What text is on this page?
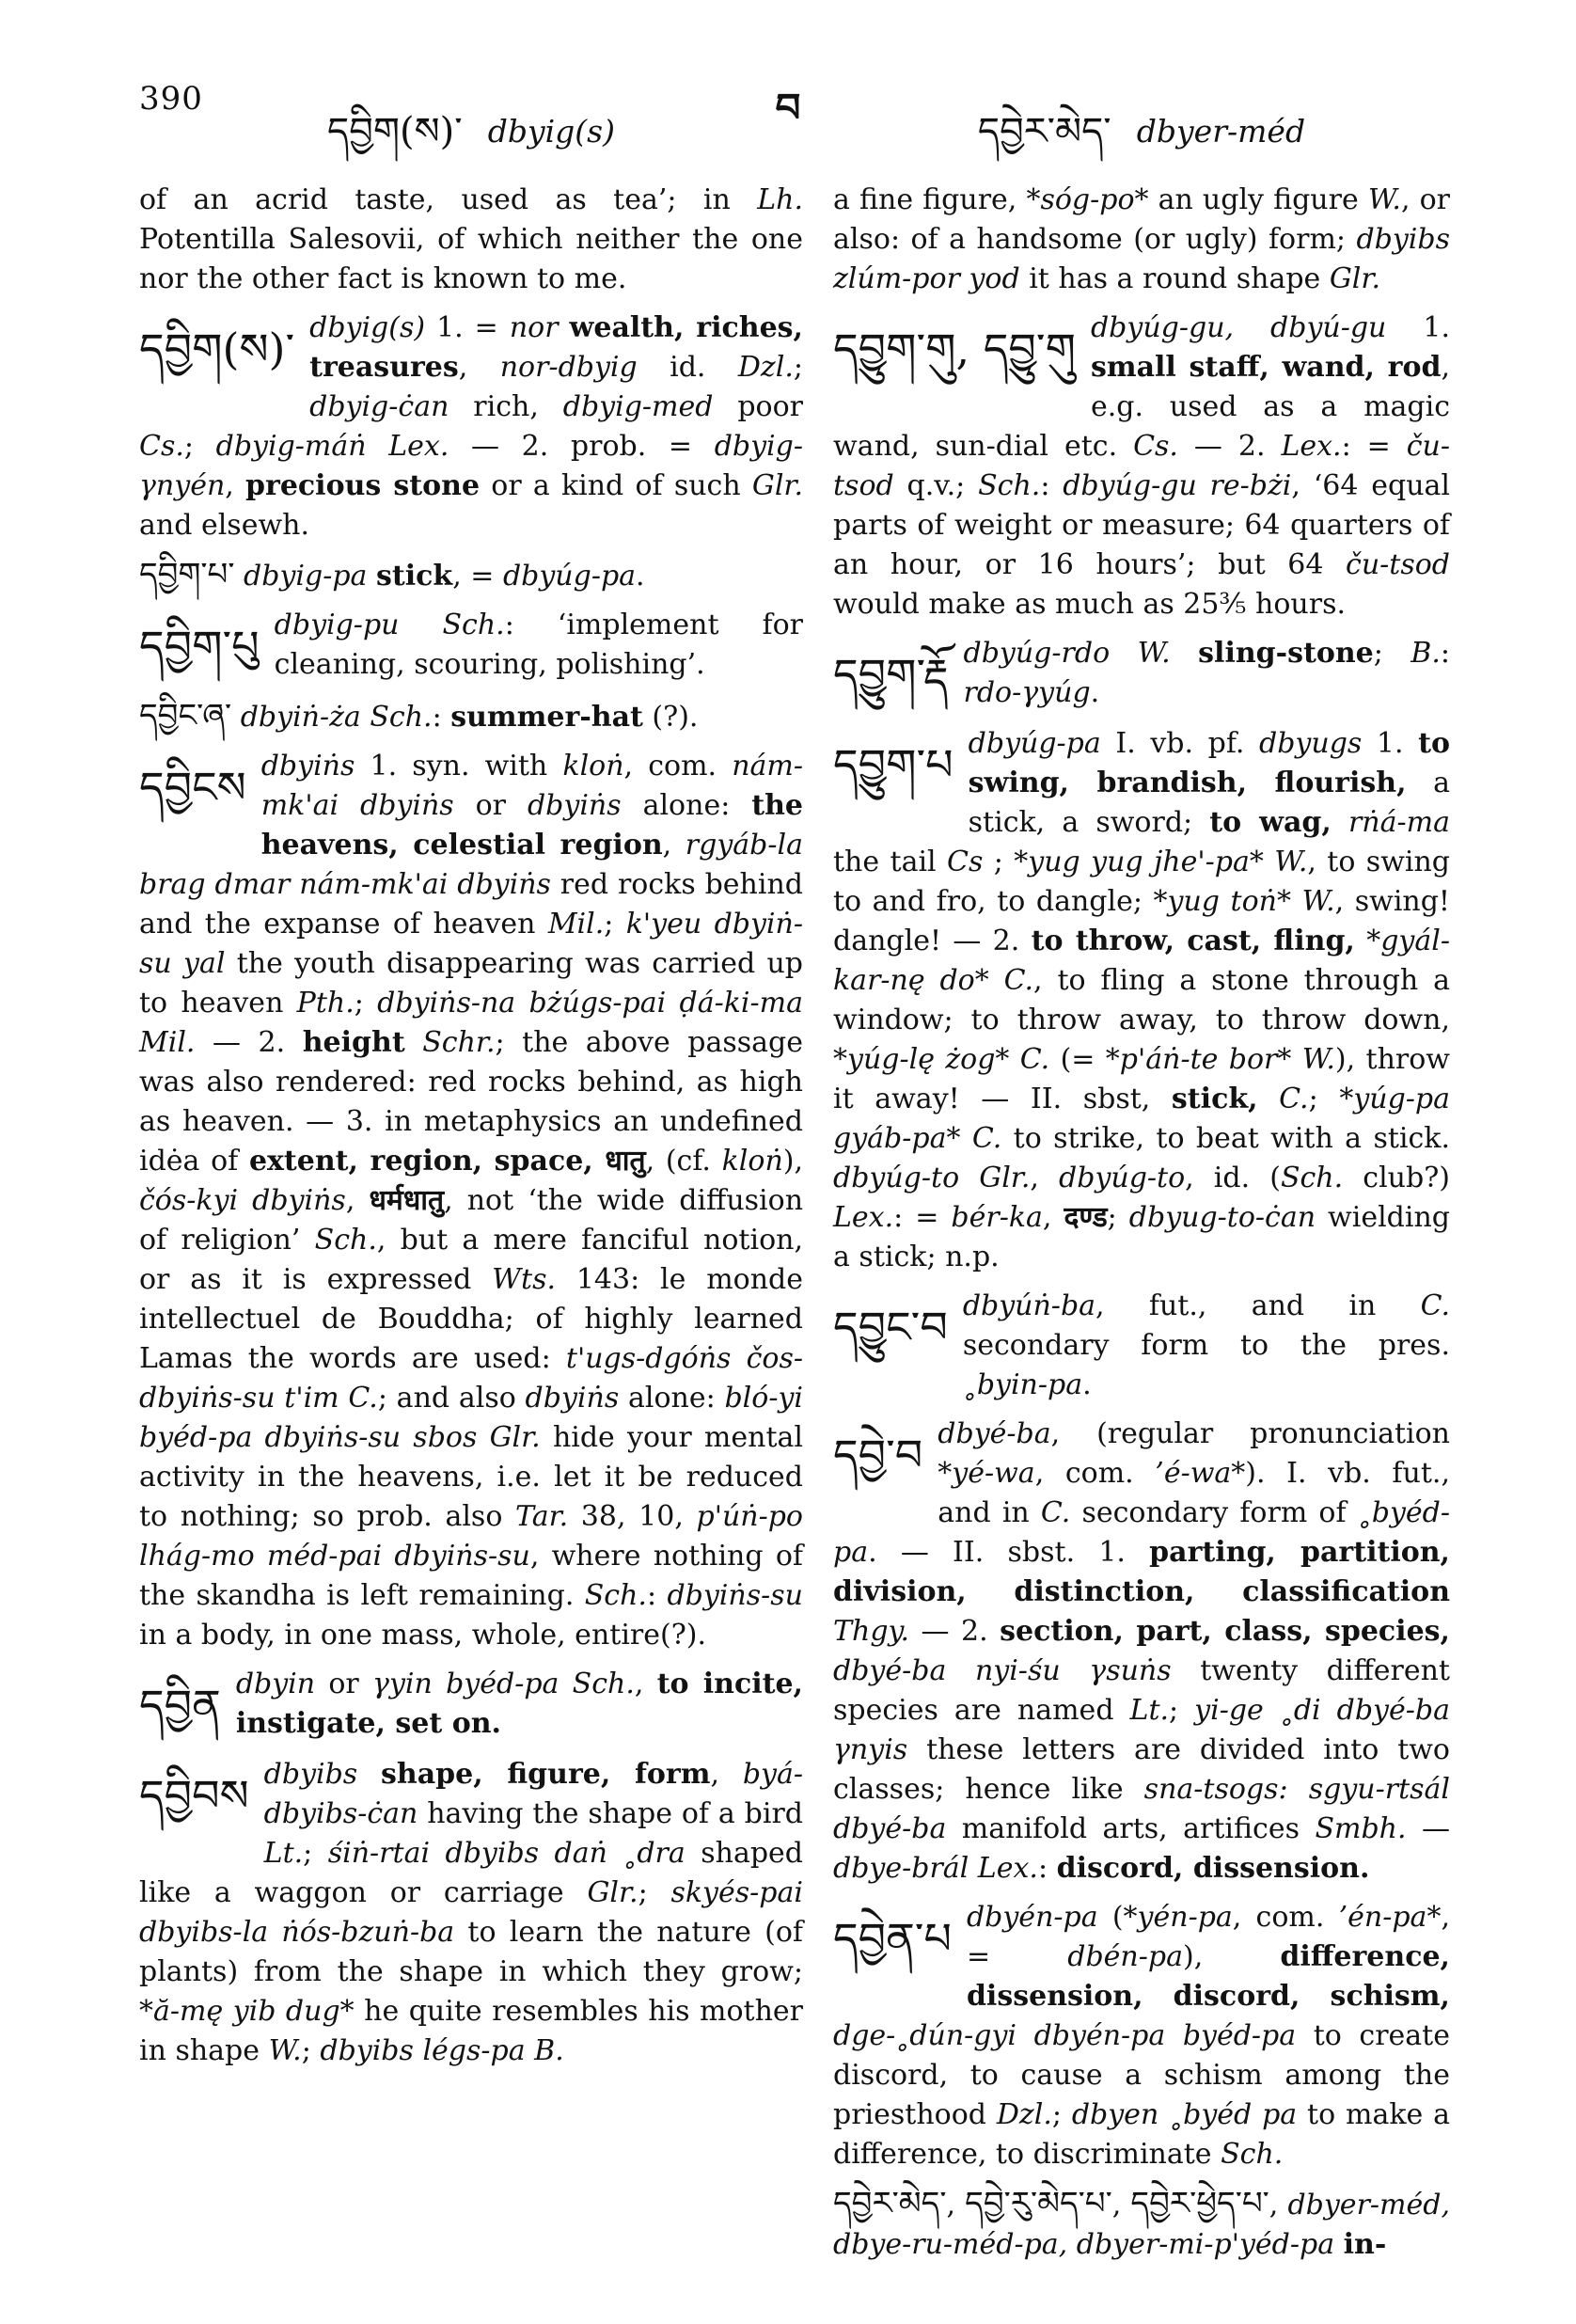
390	བ
དབྱིག(ས)་ dbyig(s)	དབྱེར་མེད་ dbyer-méd

of an acrid taste, used as tea’; in Lh. Potentilla Salesovii, of which neither the one nor the other fact is known to me.

དབྱིག(ས)་ dbyig(s) 1. = nor wealth, riches, treasures, nor-dbyig id. Dzl.; dbyig-ċan rich, dbyig-med poor Cs.; dbyig-máṅ Lex. — 2. prob. = dbyig-γnyén, precious stone or a kind of such Glr. and elsewh.

དབྱིག་པ་ dbyig-pa stick, = dbyúg-pa.

དབྱིག་པུ dbyig-pu Sch.: ‘implement for cleaning, scouring, polishing’.

དབྱིང་ཞ་ dbyiṅ-ża Sch.: summer-hat (?).

དབྱིངས dbyiṅs 1. syn. with kloṅ, com. nám-mk'ai dbyiṅs or dbyiṅs alone: the heavens, celestial region, rgyáb-la brag dmar nám-mk'ai dbyiṅs red rocks behind and the expanse of heaven Mil.; k'yeu dbyiṅ-su yal the youth disappearing was carried up to heaven Pth.; dbyiṅs-na bżúgs-pai ḍá-ki-ma Mil. — 2. height Schr.; the above passage was also rendered: red rocks behind, as high as heaven. — 3. in metaphysics an undefined idėa of extent, region, space, धातु, (cf. kloṅ), čós-kyi dbyiṅs, धर्मधातु, not ‘the wide diffusion of religion’ Sch., but a mere fanciful notion, or as it is expressed Wts. 143: le monde intellectuel de Bouddha; of highly learned Lamas the words are used: t'ugs-dgóṅs čos-dbyiṅs-su t'im C.; and also dbyiṅs alone: bló-yi byéd-pa dbyiṅs-su sbos Glr. hide your mental activity in the heavens, i.e. let it be reduced to nothing; so prob. also Tar. 38, 10, p'úṅ-po lhág-mo méd-pai dbyiṅs-su, where nothing of the skandha is left remaining. Sch.: dbyiṅs-su in a body, in one mass, whole, entire(?).

དབྱིན dbyin or γyin byéd-pa Sch., to incite, instigate, set on.

དབྱིབས dbyibs shape, figure, form, byá-dbyibs-ċan having the shape of a bird Lt.; śiṅ-rtai dbyibs daṅ ˳dra shaped like a waggon or carriage Glr.; skyés-pai dbyibs-la ṅós-bzuṅ-ba to learn the nature (of plants) from the shape in which they grow; *ă-mę yib dug* he quite resembles his mother in shape W.; dbyibs légs-pa B.

a fine figure, *sóg-po* an ugly figure W., or also: of a handsome (or ugly) form; dbyibs zlúm-por yod it has a round shape Glr.

དབྱུག་གུ, དབྱུ་གུ dbyúg-gu, dbyú-gu 1. small staff, wand, rod, e.g. used as a magic wand, sun-dial etc. Cs. — 2. Lex.: = ču-tsod q.v.; Sch.: dbyúg-gu re-bżi, ‘64 equal parts of weight or measure; 64 quarters of an hour, or 16 hours’; but 64 ču-tsod would make as much as 25⅗ hours.

དབྱུག་རྡོ dbyúg-rdo W. sling-stone; B.: rdo-γyúg.

དབྱུག་པ dbyúg-pa I. vb. pf. dbyugs 1. to swing, brandish, flourish, a stick, a sword; to wag, rṅá-ma the tail Cs ; *yug yug jhe'-pa* W., to swing to and fro, to dangle; *yug toṅ* W., swing! dangle! — 2. to throw, cast, fling, *gyál-kar-nę do* C., to fling a stone through a window; to throw away, to throw down, *yúg-lę żog* C. (= *p'áṅ-te bor* W.), throw it away! — II. sbst, stick, C.; *yúg-pa gyáb-pa* C. to strike, to beat with a stick. dbyúg-to Glr., dbyúg-to, id. (Sch. club?) Lex.: = bér-ka, दण्ड; dbyug-to-ċan wielding a stick; n.p.

དབྱུང་བ dbyúṅ-ba, fut., and in C. secondary form to the pres. ˳byin-pa.

དབྱེ་བ dbyé-ba, (regular pronunciation *yé-wa, com. ’é-wa*). I. vb. fut., and in C. secondary form of ˳byéd-pa. — II. sbst. 1. parting, partition, division, distinction, classification Thgy. — 2. section, part, class, species, dbyé-ba nyi-śu γsuṅs twenty different species are named Lt.; yi-ge ˳di dbyé-ba γnyis these letters are divided into two classes; hence like sna-tsogs: sgyu-rtsál dbyé-ba manifold arts, artifices Smbh. — dbye-brál Lex.: discord, dissension.

དབྱེན་པ dbyén-pa (*yén-pa, com. ’én-pa*, = dbén-pa), difference, dissension, discord, schism, dge-˳dún-gyi dbyén-pa byéd-pa to create discord, to cause a schism among the priesthood Dzl.; dbyen ˳byéd pa to make a difference, to discriminate Sch.

དབྱེར་མེད་, དབྱེ་རུ་མེད་པ་, དབྱེར་ཕྱེད་པ་, dbyer-méd, dbye-ru-méd-pa, dbyer-mi-p'yéd-pa in-
